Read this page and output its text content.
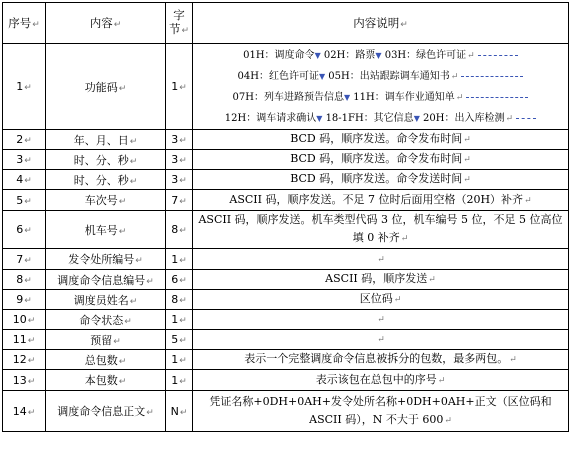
序号↵	内容↵	字
节↵	内容说明↵
1↵	功能码↵	1↵	01H：调度命令▼ 02H：路票▼ 03H：绿色许可证↵
04H：红色许可证▼ 05H：出站跟踪调车通知书↵
07H：列车进路预告信息▼ 11H：调车作业通知单↵
12H：调车请求确认▼ 18-1FH：其它信息▼ 20H：出入库检测↵

2↵	年、月、日↵	3↵	BCD 码，顺序发送。命令发布时间↵
3↵	时、分、秒↵	3↵	BCD 码，顺序发送。命令发布时间↵
4↵	时、分、秒↵	3↵	BCD 码，顺序发送。命令发送时间↵
5↵	车次号↵	7↵	ASCII 码，顺序发送。不足 7 位时后面用空格（20H）补齐↵
6↵	机车号↵	8↵	ASCII 码，顺序发送。机车类型代码 3 位，机车编号 5 位，不足 5 位高位填 0 补齐↵
7↵	发令处所编号↵	1↵	↵
8↵	调度命令信息编号↵	6↵	ASCII 码，顺序发送↵
9↵	调度员姓名↵	8↵	区位码↵
10↵	命令状态↵	1↵	↵
11↵	预留↵	5↵	↵
12↵	总包数↵	1↵	表示一个完整调度命令信息被拆分的包数，最多两包。↵
13↵	本包数↵	1↵	表示该包在总包中的序号↵
14↵	调度命令信息正文↵	N↵	凭证名称+0DH+0AH+发令处所名称+0DH+0AH+正文（区位码和 ASCII 码），N 不大于 600↵
